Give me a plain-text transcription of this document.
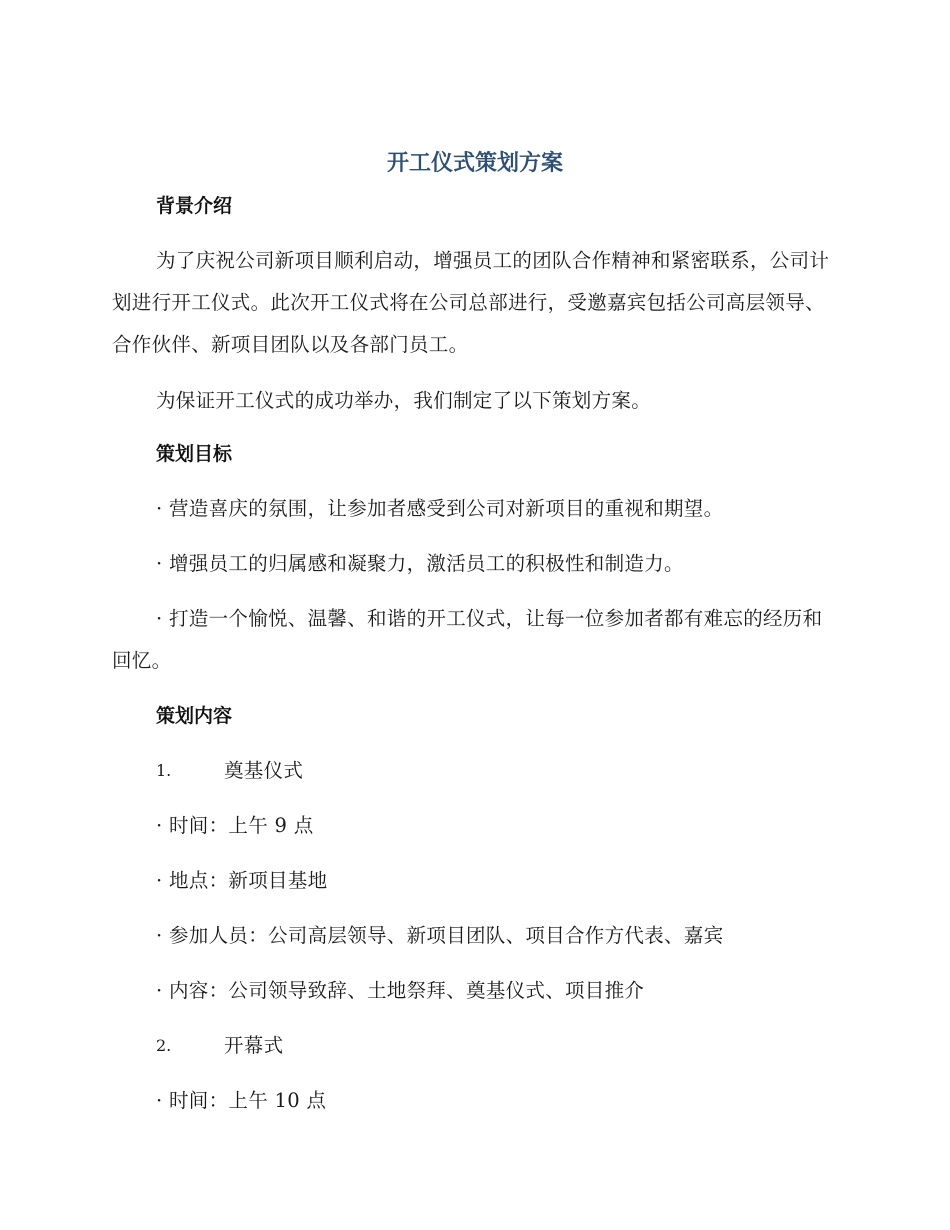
开工仪式策划方案
背景介绍
为了庆祝公司新项目顺利启动，增强员工的团队合作精神和紧密联系，公司计划进行开工仪式。此次开工仪式将在公司总部进行，受邀嘉宾包括公司高层领导、合作伙伴、新项目团队以及各部门员工。
为保证开工仪式的成功举办，我们制定了以下策划方案。
策划目标
· 营造喜庆的氛围，让参加者感受到公司对新项目的重视和期望。
· 增强员工的归属感和凝聚力，激活员工的积极性和制造力。
· 打造一个愉悦、温馨、和谐的开工仪式，让每一位参加者都有难忘的经历和回忆。
策划内容
1.	奠基仪式
· 时间：上午 9 点
· 地点：新项目基地
· 参加人员：公司高层领导、新项目团队、项目合作方代表、嘉宾
· 内容：公司领导致辞、土地祭拜、奠基仪式、项目推介
2.	开幕式
· 时间：上午 10 点
